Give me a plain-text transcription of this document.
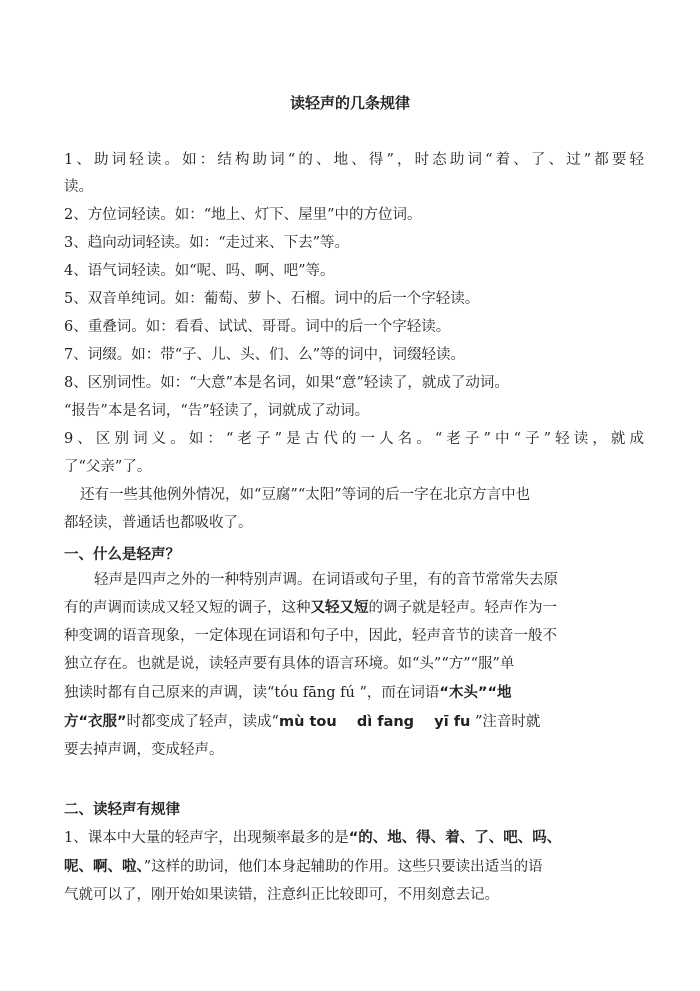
读轻声的几条规律

1、助词轻读。如：结构助词“的、地、得”，时态助词“着、了、过”都要轻

读。

2、方位词轻读。如：“地上、灯下、屋里”中的方位词。

3、趋向动词轻读。如：“走过来、下去”等。

4、语气词轻读。如“呢、吗、啊、吧”等。

5、双音单纯词。如：葡萄、萝卜、石榴。词中的后一个字轻读。

6、重叠词。如：看看、试试、哥哥。词中的后一个字轻读。

7、词缀。如：带“子、儿、头、们、么”等的词中，词缀轻读。

8、区别词性。如：“大意”本是名词，如果“意”轻读了，就成了动词。

“报告”本是名词，“告”轻读了，词就成了动词。

9、区别词义。如：“老子”是古代的一人名。“老子”中“子”轻读，就成

了“父亲”了。

还有一些其他例外情况，如“豆腐”“太阳”等词的后一字在北京方言中也

都轻读，普通话也都吸收了。

一、什么是轻声？

轻声是四声之外的一种特别声调。在词语或句子里，有的音节常常失去原

有的声调而读成又轻又短的调子，这种又轻又短的调子就是轻声。轻声作为一

种变调的语音现象，一定体现在词语和句子中，因此，轻声音节的读音一般不

独立存在。也就是说，读轻声要有具体的语言环境。如“头”“方”“服”单

独读时都有自己原来的声调，读“tóu fāng fú ”，而在词语“木头”“地

方“衣服”时都变成了轻声，读成“mù tou    dì fang    yī fu ”注音时就

要去掉声调，变成轻声。

二、读轻声有规律

1、课本中大量的轻声字，出现频率最多的是“的、地、得、着、了、吧、吗、

呢、啊、啦、”这样的助词，他们本身起辅助的作用。这些只要读出适当的语

气就可以了，刚开始如果读错，注意纠正比较即可，不用刻意去记。
